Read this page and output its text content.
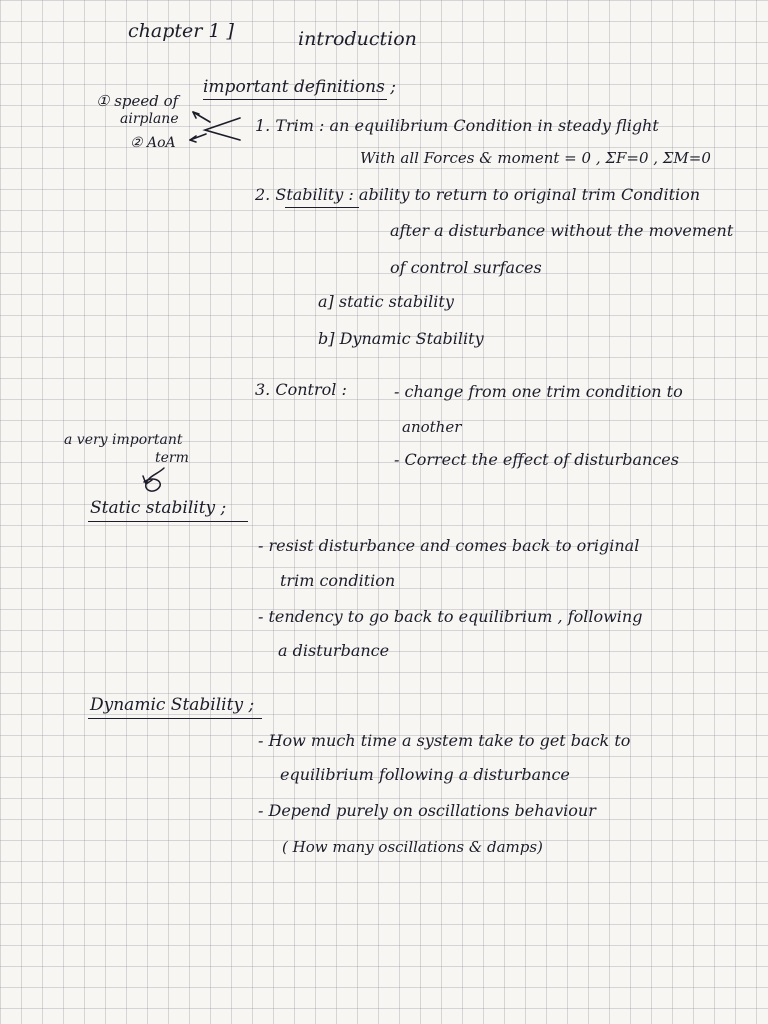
chapter 1 ]	introduction
important definitions ;
① speed of
airplane
② AoA
1. Trim : an equilibrium Condition in steady flight
With all Forces & moment = 0 , ΣF=0 , ΣM=0
2. Stability : ability to return to original trim Condition
after a disturbance without the movement
of control surfaces
a] static stability
b] Dynamic Stability
3. Control :	- change from one trim condition to
another
- Correct the effect of disturbances
a very important
term
Static stability ;
- resist disturbance and comes back to original
trim condition
- tendency to go back to equilibrium , following
a disturbance
Dynamic Stability ;
- How much time a system take to get back to
equilibrium following a disturbance
- Depend purely on oscillations behaviour
( How many oscillations & damps)
